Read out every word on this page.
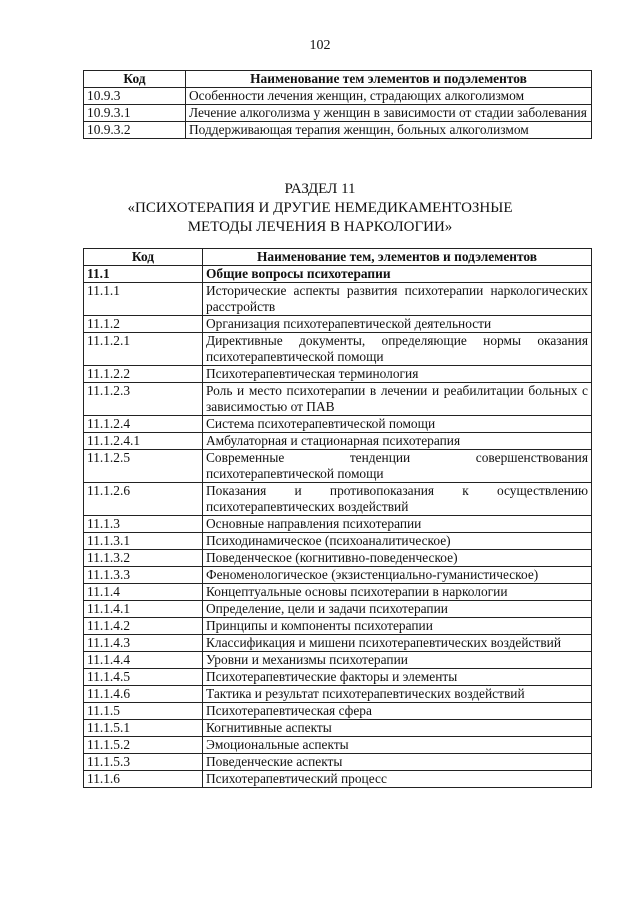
102
Код	Наименование тем элементов и подэлементов
10.9.3	Особенности лечения женщин, страдающих алкоголизмом
10.9.3.1	Лечение алкоголизма у женщин в зависимости от стадии заболевания
10.9.3.2	Поддерживающая терапия женщин, больных алкоголизмом
РАЗДЕЛ 11
«ПСИХОТЕРАПИЯ И ДРУГИЕ НЕМЕДИКАМЕНТОЗНЫЕ
МЕТОДЫ ЛЕЧЕНИЯ В НАРКОЛОГИИ»
Код	Наименование тем, элементов и подэлементов
11.1	Общие вопросы психотерапии
11.1.1	Исторические аспекты развития психотерапии наркологических расстройств
11.1.2	Организация психотерапевтической деятельности
11.1.2.1	Директивные документы, определяющие нормы оказания психотерапевтической помощи
11.1.2.2	Психотерапевтическая терминология
11.1.2.3	Роль и место психотерапии в лечении и реабилитации больных с зависимостью от ПАВ
11.1.2.4	Система психотерапевтической помощи
11.1.2.4.1	Амбулаторная и стационарная психотерапия
11.1.2.5	Современные тенденции совершенствования психотерапевтической помощи
11.1.2.6	Показания и противопоказания к осуществлению психотерапевтических воздействий
11.1.3	Основные направления психотерапии
11.1.3.1	Психодинамическое (психоаналитическое)
11.1.3.2	Поведенческое (когнитивно-поведенческое)
11.1.3.3	Феноменологическое (экзистенциально-гуманистическое)
11.1.4	Концептуальные основы психотерапии в наркологии
11.1.4.1	Определение, цели и задачи психотерапии
11.1.4.2	Принципы и компоненты психотерапии
11.1.4.3	Классификация и мишени психотерапевтических воздействий
11.1.4.4	Уровни и механизмы психотерапии
11.1.4.5	Психотерапевтические факторы и элементы
11.1.4.6	Тактика и результат психотерапевтических воздействий
11.1.5	Психотерапевтическая сфера
11.1.5.1	Когнитивные аспекты
11.1.5.2	Эмоциональные аспекты
11.1.5.3	Поведенческие аспекты
11.1.6	Психотерапевтический процесс
